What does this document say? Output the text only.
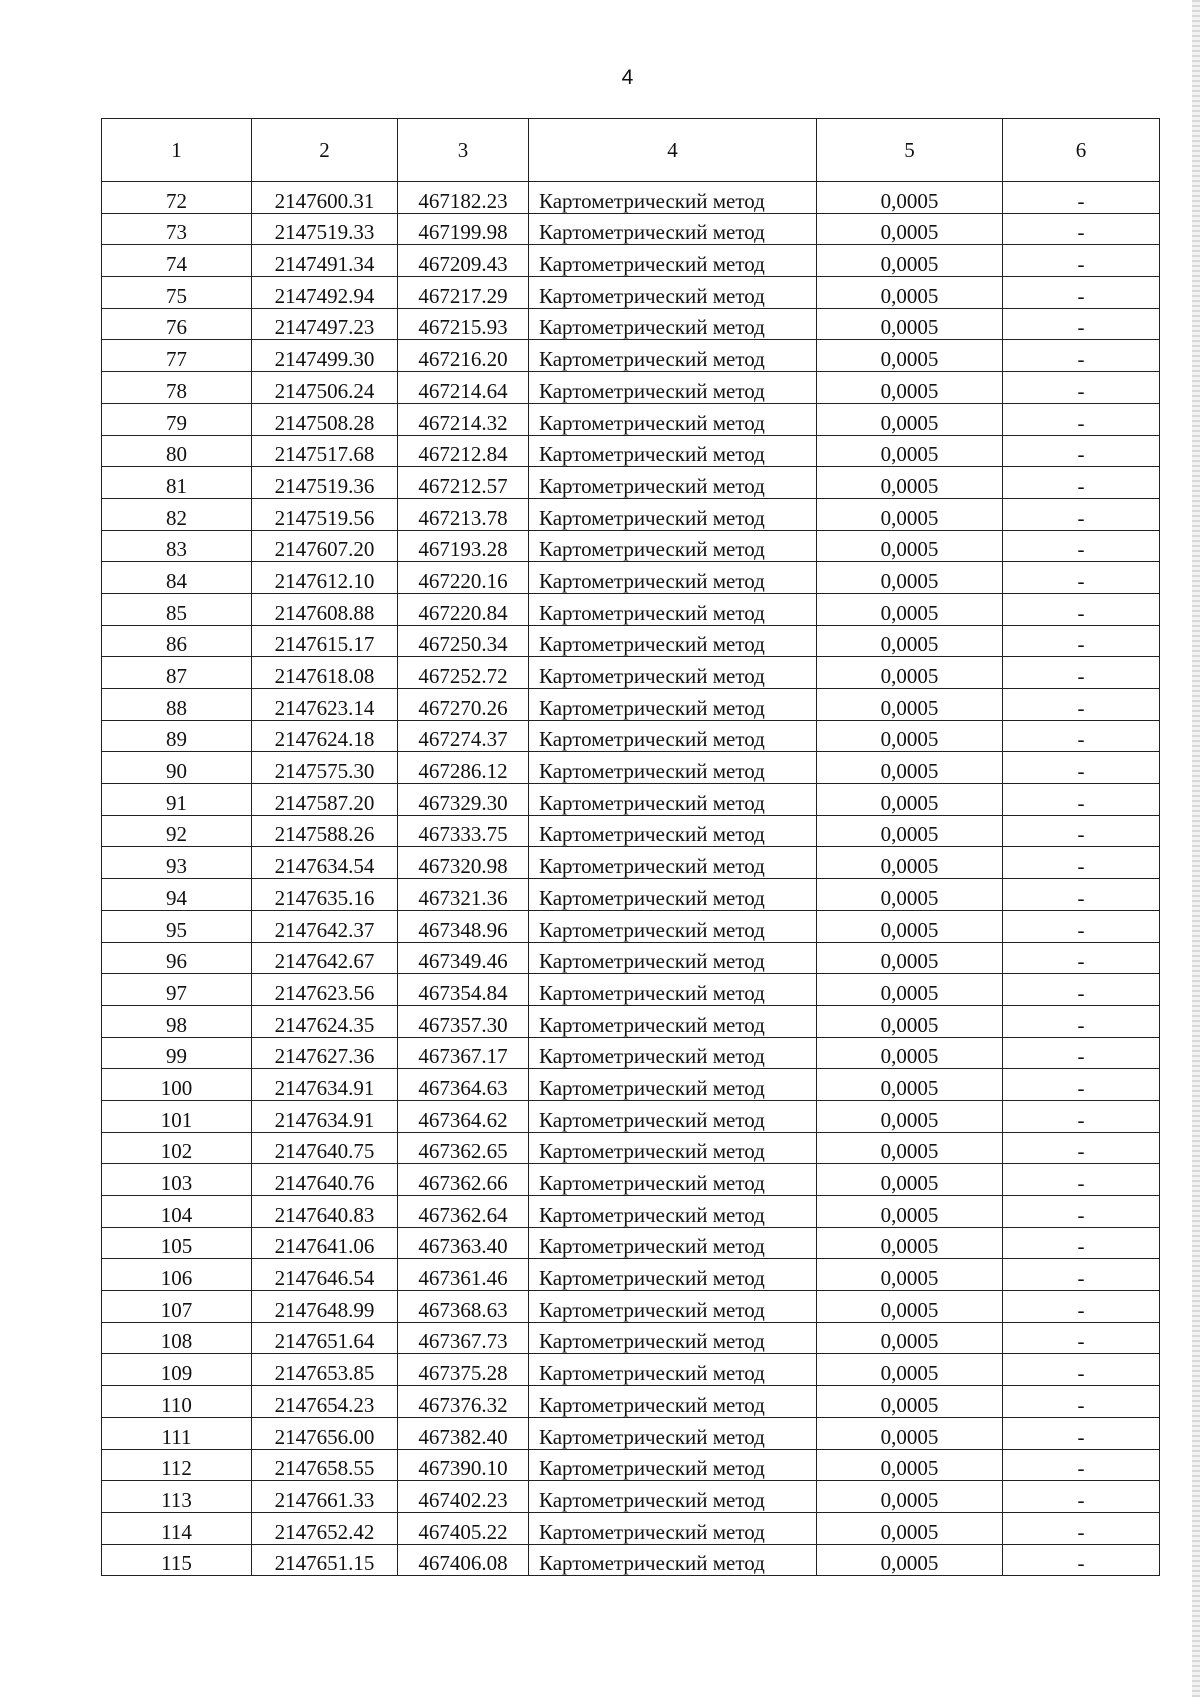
4
1	2	3	4	5	6
72	2147600.31	467182.23	Картометрический метод	0,0005	-
73	2147519.33	467199.98	Картометрический метод	0,0005	-
74	2147491.34	467209.43	Картометрический метод	0,0005	-
75	2147492.94	467217.29	Картометрический метод	0,0005	-
76	2147497.23	467215.93	Картометрический метод	0,0005	-
77	2147499.30	467216.20	Картометрический метод	0,0005	-
78	2147506.24	467214.64	Картометрический метод	0,0005	-
79	2147508.28	467214.32	Картометрический метод	0,0005	-
80	2147517.68	467212.84	Картометрический метод	0,0005	-
81	2147519.36	467212.57	Картометрический метод	0,0005	-
82	2147519.56	467213.78	Картометрический метод	0,0005	-
83	2147607.20	467193.28	Картометрический метод	0,0005	-
84	2147612.10	467220.16	Картометрический метод	0,0005	-
85	2147608.88	467220.84	Картометрический метод	0,0005	-
86	2147615.17	467250.34	Картометрический метод	0,0005	-
87	2147618.08	467252.72	Картометрический метод	0,0005	-
88	2147623.14	467270.26	Картометрический метод	0,0005	-
89	2147624.18	467274.37	Картометрический метод	0,0005	-
90	2147575.30	467286.12	Картометрический метод	0,0005	-
91	2147587.20	467329.30	Картометрический метод	0,0005	-
92	2147588.26	467333.75	Картометрический метод	0,0005	-
93	2147634.54	467320.98	Картометрический метод	0,0005	-
94	2147635.16	467321.36	Картометрический метод	0,0005	-
95	2147642.37	467348.96	Картометрический метод	0,0005	-
96	2147642.67	467349.46	Картометрический метод	0,0005	-
97	2147623.56	467354.84	Картометрический метод	0,0005	-
98	2147624.35	467357.30	Картометрический метод	0,0005	-
99	2147627.36	467367.17	Картометрический метод	0,0005	-
100	2147634.91	467364.63	Картометрический метод	0,0005	-
101	2147634.91	467364.62	Картометрический метод	0,0005	-
102	2147640.75	467362.65	Картометрический метод	0,0005	-
103	2147640.76	467362.66	Картометрический метод	0,0005	-
104	2147640.83	467362.64	Картометрический метод	0,0005	-
105	2147641.06	467363.40	Картометрический метод	0,0005	-
106	2147646.54	467361.46	Картометрический метод	0,0005	-
107	2147648.99	467368.63	Картометрический метод	0,0005	-
108	2147651.64	467367.73	Картометрический метод	0,0005	-
109	2147653.85	467375.28	Картометрический метод	0,0005	-
110	2147654.23	467376.32	Картометрический метод	0,0005	-
111	2147656.00	467382.40	Картометрический метод	0,0005	-
112	2147658.55	467390.10	Картометрический метод	0,0005	-
113	2147661.33	467402.23	Картометрический метод	0,0005	-
114	2147652.42	467405.22	Картометрический метод	0,0005	-
115	2147651.15	467406.08	Картометрический метод	0,0005	-
